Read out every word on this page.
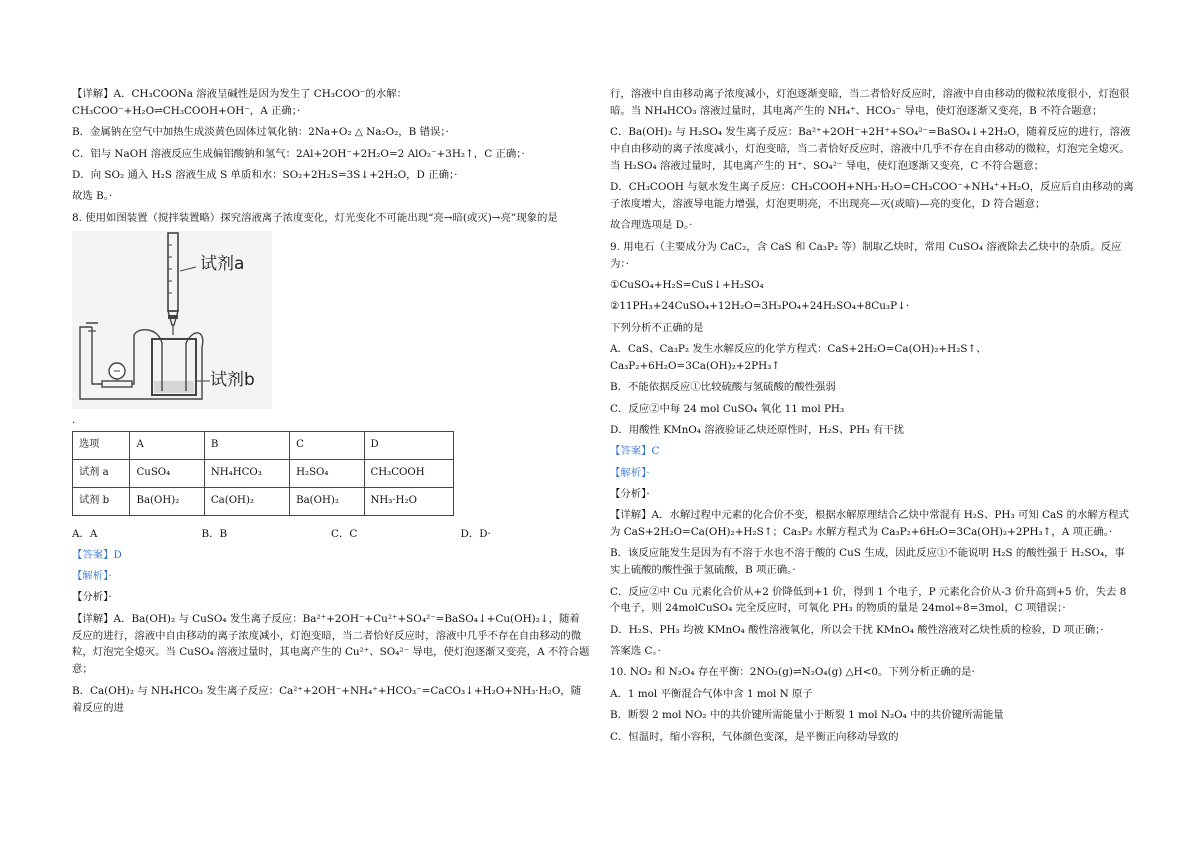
【详解】A．CH₃COONa 溶液呈碱性是因为发生了 CH₃COO⁻的水解：CH₃COO⁻+H₂O⇌CH₃COOH+OH⁻，A 正确；·

B．金属钠在空气中加热生成淡黄色固体过氧化钠：2Na+O₂ △ Na₂O₂，B 错误；·

C．铝与 NaOH 溶液反应生成偏铝酸钠和氢气：2Al+2OH⁻+2H₂O=2 AlO₂⁻+3H₂↑，C 正确；·

D．向 SO₂ 通入 H₂S 溶液生成 S 单质和水：SO₂+2H₂S=3S↓+2H₂O，D 正确；·

故选 B。·

8. 使用如图装置（搅拌装置略）探究溶液离子浓度变化，灯光变化不可能出现“亮→暗(或灭)→亮”现象的是

试剂a
试剂b
·
选项	A	B	C	D
试剂 a	CuSO₄	NH₄HCO₃	H₂SO₄	CH₃COOH
试剂 b	Ba(OH)₂	Ca(OH)₂	Ba(OH)₂	NH₃·H₂O
A．A	B．B	C．C	D．D·

【答案】D

【解析】·

【分析】·

【详解】A．Ba(OH)₂ 与 CuSO₄ 发生离子反应：Ba²⁺+2OH⁻+Cu²⁺+SO₄²⁻=BaSO₄↓+Cu(OH)₂↓，随着反应的进行，溶液中自由移动的离子浓度减小，灯泡变暗，当二者恰好反应时，溶液中几乎不存在自由移动的微粒，灯泡完全熄灭。当 CuSO₄ 溶液过量时，其电离产生的 Cu²⁺、SO₄²⁻ 导电，使灯泡逐渐又变亮，A 不符合题意；

B．Ca(OH)₂ 与 NH₄HCO₃ 发生离子反应：Ca²⁺+2OH⁻+NH₄⁺+HCO₃⁻=CaCO₃↓+H₂O+NH₃·H₂O，随着反应的进

行，溶液中自由移动离子浓度减小，灯泡逐渐变暗，当二者恰好反应时，溶液中自由移动的微粒浓度很小，灯泡很暗。当 NH₄HCO₃ 溶液过量时，其电离产生的 NH₄⁺、HCO₃⁻ 导电，使灯泡逐渐又变亮，B 不符合题意；

C．Ba(OH)₂ 与 H₂SO₄ 发生离子反应：Ba²⁺+2OH⁻+2H⁺+SO₄²⁻=BaSO₄↓+2H₂O，随着反应的进行，溶液中自由移动的离子浓度减小，灯泡变暗，当二者恰好反应时，溶液中几乎不存在自由移动的微粒，灯泡完全熄灭。当 H₂SO₄ 溶液过量时，其电离产生的 H⁺、SO₄²⁻ 导电，使灯泡逐渐又变亮，C 不符合题意；

D．CH₃COOH 与氨水发生离子反应：CH₃COOH+NH₃·H₂O=CH₃COO⁻+NH₄⁺+H₂O，反应后自由移动的离子浓度增大，溶液导电能力增强，灯泡更明亮，不出现亮—灭(或暗)—亮的变化，D 符合题意；

故合理选项是 D。·

9. 用电石（主要成分为 CaC₂，含 CaS 和 Ca₃P₂ 等）制取乙炔时，常用 CuSO₄ 溶液除去乙炔中的杂质。反应为：·

①CuSO₄+H₂S=CuS↓+H₂SO₄

②11PH₃+24CuSO₄+12H₂O=3H₃PO₄+24H₂SO₄+8Cu₃P↓·

下列分析不正确的是

A．CaS、Ca₃P₂ 发生水解反应的化学方程式：CaS+2H₂O=Ca(OH)₂+H₂S↑、Ca₃P₂+6H₂O=3Ca(OH)₂+2PH₃↑

B．不能依据反应①比较硫酸与氢硫酸的酸性强弱

C．反应②中每 24 mol CuSO₄ 氧化 11 mol PH₃

D．用酸性 KMnO₄ 溶液验证乙炔还原性时，H₂S、PH₃ 有干扰

【答案】C

【解析】·

【分析】·

【详解】A．水解过程中元素的化合价不变，根据水解原理结合乙炔中常混有 H₂S、PH₃ 可知 CaS 的水解方程式为 CaS+2H₂O=Ca(OH)₂+H₂S↑；Ca₃P₂ 水解方程式为 Ca₃P₂+6H₂O=3Ca(OH)₂+2PH₃↑，A 项正确。·

B．该反应能发生是因为有不溶于水也不溶于酸的 CuS 生成，因此反应①不能说明 H₂S 的酸性强于 H₂SO₄，事实上硫酸的酸性强于氢硫酸，B 项正确。·

C．反应②中 Cu 元素化合价从+2 价降低到+1 价，得到 1 个电子，P 元素化合价从-3 价升高到+5 价，失去 8 个电子，则 24molCuSO₄ 完全反应时，可氧化 PH₃ 的物质的量是 24mol÷8=3mol，C 项错误；·

D．H₂S、PH₃ 均被 KMnO₄ 酸性溶液氧化，所以会干扰 KMnO₄ 酸性溶液对乙炔性质的检验，D 项正确；·

答案选 C。·

10. NO₂ 和 N₂O₄ 存在平衡：2NO₂(g)⇌N₂O₄(g) △H<0。下列分析正确的是·

A．1 mol 平衡混合气体中含 1 mol N 原子

B．断裂 2 mol NO₂ 中的共价键所需能量小于断裂 1 mol N₂O₄ 中的共价键所需能量

C．恒温时，缩小容积，气体颜色变深，是平衡正向移动导致的
